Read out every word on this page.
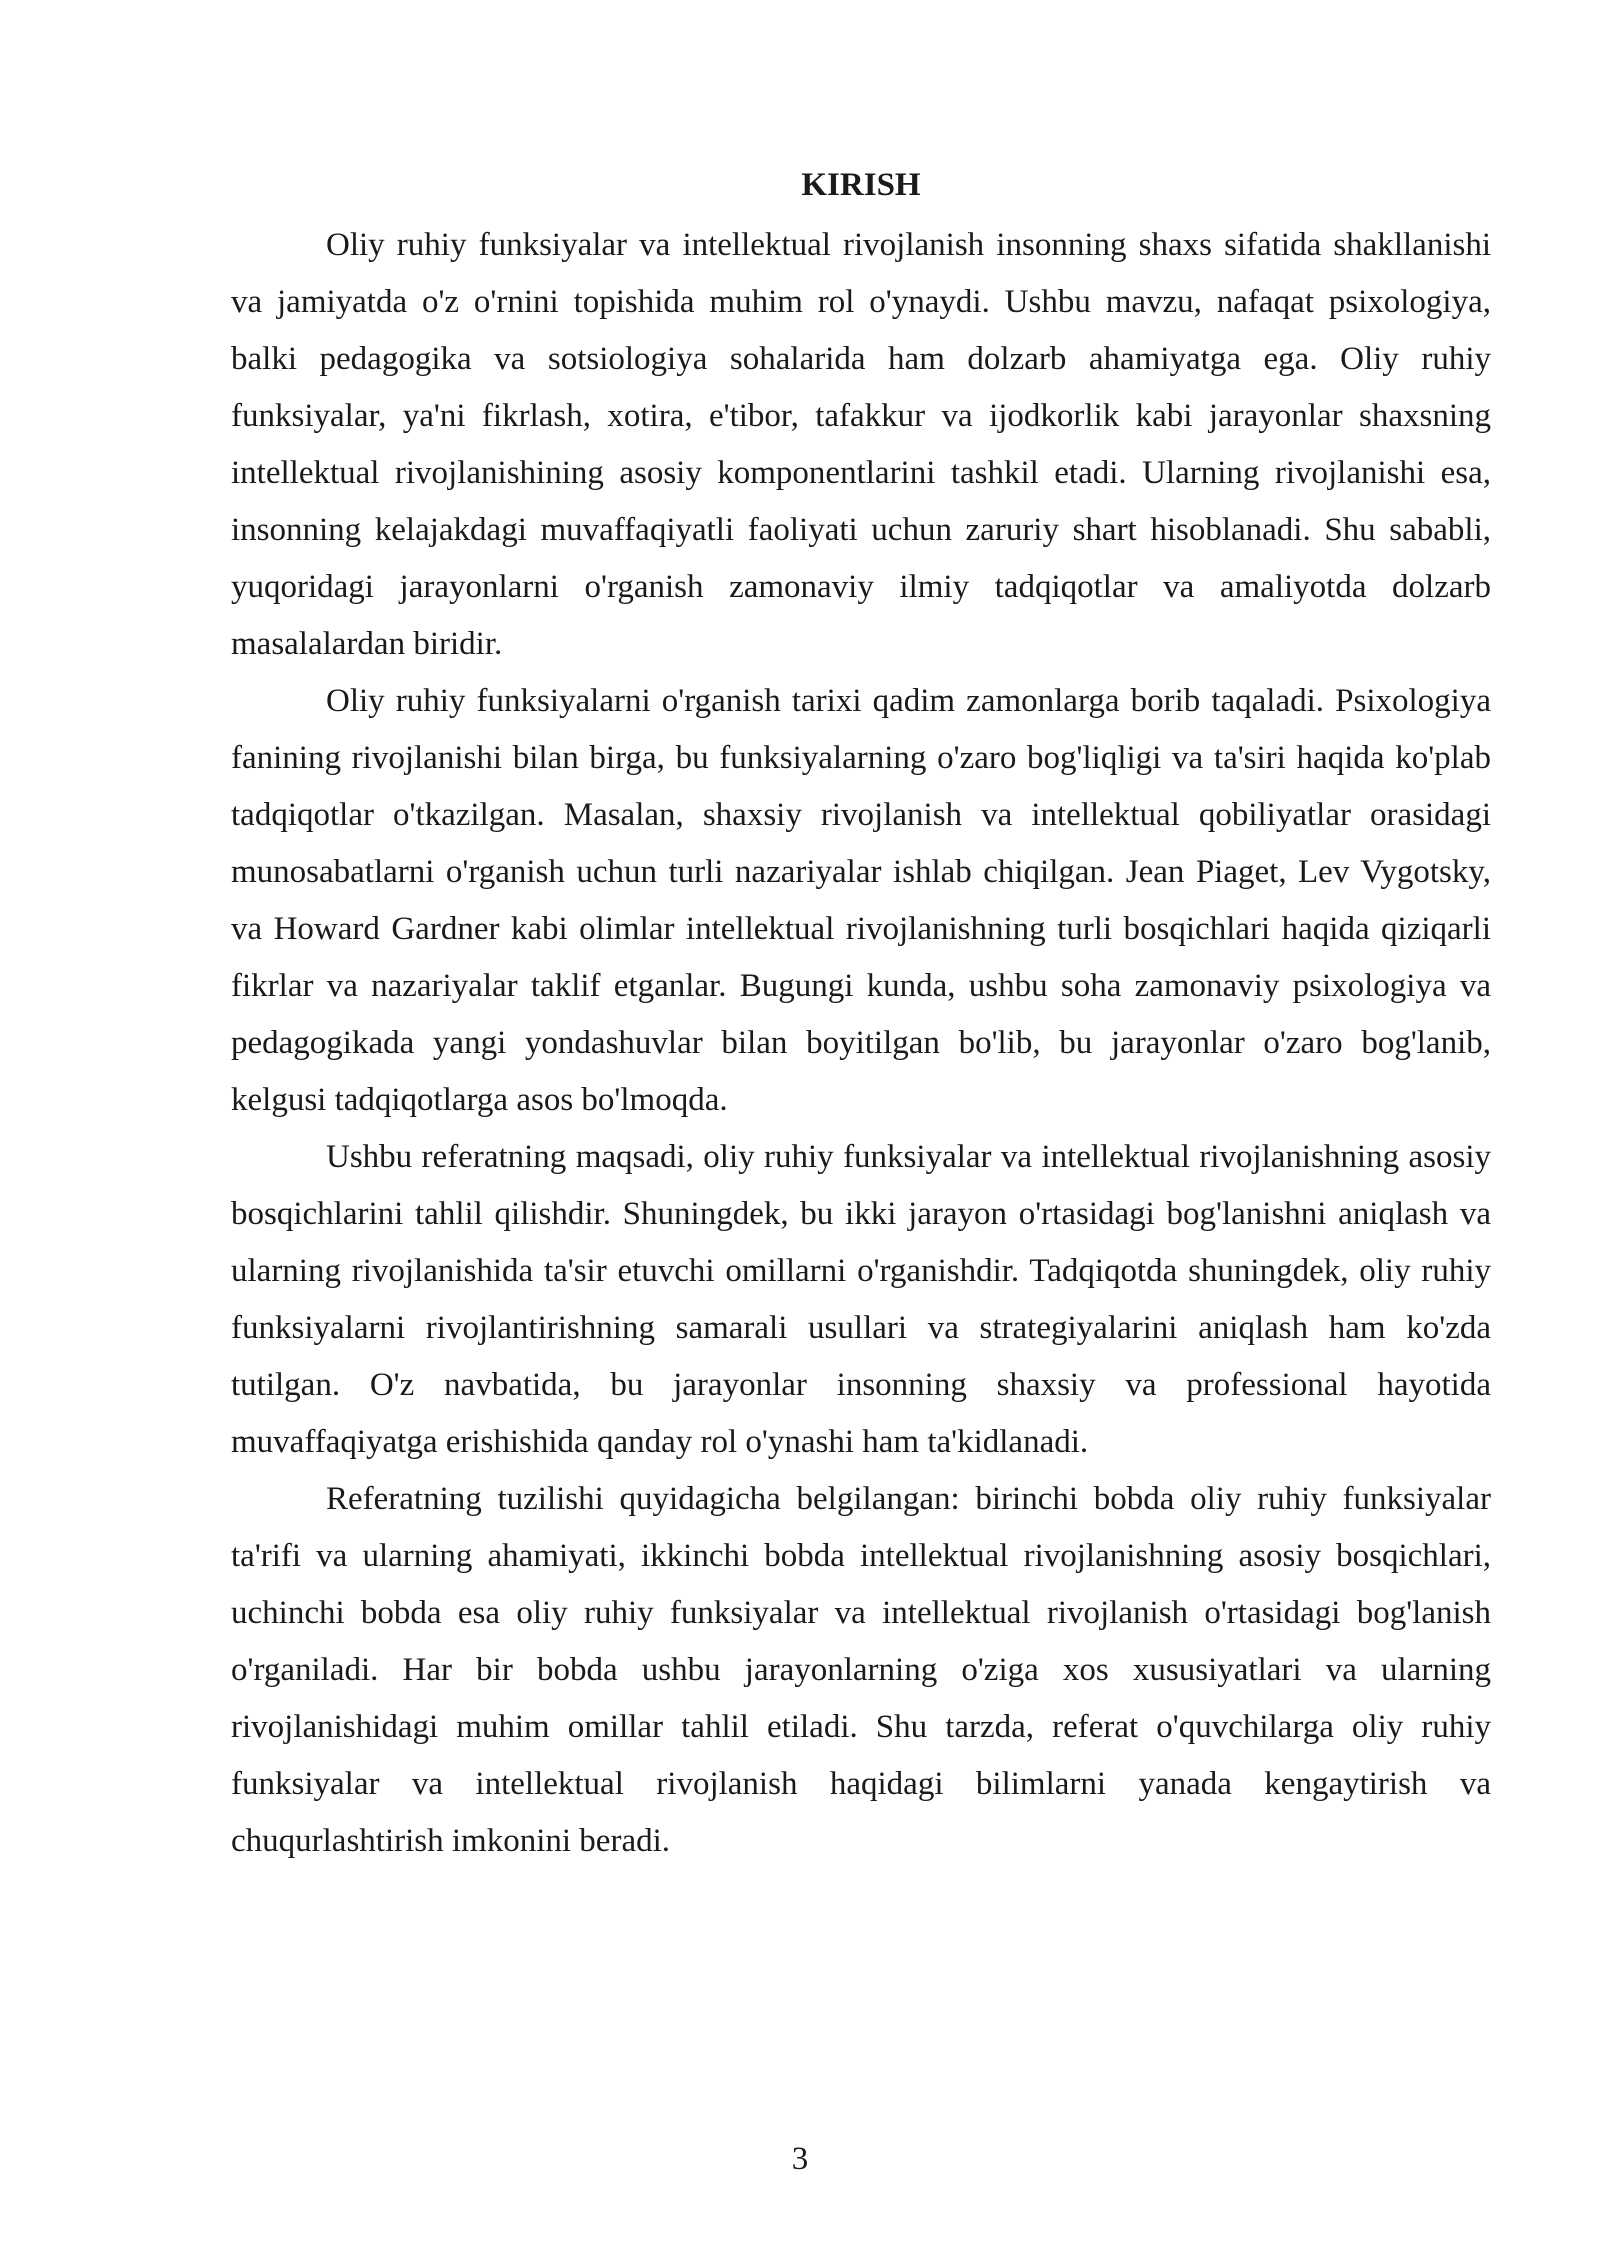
KIRISH

Oliy ruhiy funksiyalar va intellektual rivojlanish insonning shaxs sifatida shakllanishi va jamiyatda o'z o'rnini topishida muhim rol o'ynaydi. Ushbu mavzu, nafaqat psixologiya, balki pedagogika va sotsiologiya sohalarida ham dolzarb ahamiyatga ega. Oliy ruhiy funksiyalar, ya'ni fikrlash, xotira, e'tibor, tafakkur va ijodkorlik kabi jarayonlar shaxsning intellektual rivojlanishining asosiy komponentlarini tashkil etadi. Ularning rivojlanishi esa, insonning kelajakdagi muvaffaqiyatli faoliyati uchun zaruriy shart hisoblanadi. Shu sababli, yuqoridagi jarayonlarni o'rganish zamonaviy ilmiy tadqiqotlar va amaliyotda dolzarb masalalardan biridir.

Oliy ruhiy funksiyalarni o'rganish tarixi qadim zamonlarga borib taqaladi. Psixologiya fanining rivojlanishi bilan birga, bu funksiyalarning o'zaro bog'liqligi va ta'siri haqida ko'plab tadqiqotlar o'tkazilgan. Masalan, shaxsiy rivojlanish va intellektual qobiliyatlar orasidagi munosabatlarni o'rganish uchun turli nazariyalar ishlab chiqilgan. Jean Piaget, Lev Vygotsky, va Howard Gardner kabi olimlar intellektual rivojlanishning turli bosqichlari haqida qiziqarli fikrlar va nazariyalar taklif etganlar. Bugungi kunda, ushbu soha zamonaviy psixologiya va pedagogikada yangi yondashuvlar bilan boyitilgan bo'lib, bu jarayonlar o'zaro bog'lanib, kelgusi tadqiqotlarga asos bo'lmoqda.

Ushbu referatning maqsadi, oliy ruhiy funksiyalar va intellektual rivojlanishning asosiy bosqichlarini tahlil qilishdir. Shuningdek, bu ikki jarayon o'rtasidagi bog'lanishni aniqlash va ularning rivojlanishida ta'sir etuvchi omillarni o'rganishdir. Tadqiqotda shuningdek, oliy ruhiy funksiyalarni rivojlantirishning samarali usullari va strategiyalarini aniqlash ham ko'zda tutilgan. O'z navbatida, bu jarayonlar insonning shaxsiy va professional hayotida muvaffaqiyatga erishishida qanday rol o'ynashi ham ta'kidlanadi.

Referatning tuzilishi quyidagicha belgilangan: birinchi bobda oliy ruhiy funksiyalar ta'rifi va ularning ahamiyati, ikkinchi bobda intellektual rivojlanishning asosiy bosqichlari, uchinchi bobda esa oliy ruhiy funksiyalar va intellektual rivojlanish o'rtasidagi bog'lanish o'rganiladi. Har bir bobda ushbu jarayonlarning o'ziga xos xususiyatlari va ularning rivojlanishidagi muhim omillar tahlil etiladi. Shu tarzda, referat o'quvchilarga oliy ruhiy funksiyalar va intellektual rivojlanish haqidagi bilimlarni yanada kengaytirish va chuqurlashtirish imkonini beradi.

3
